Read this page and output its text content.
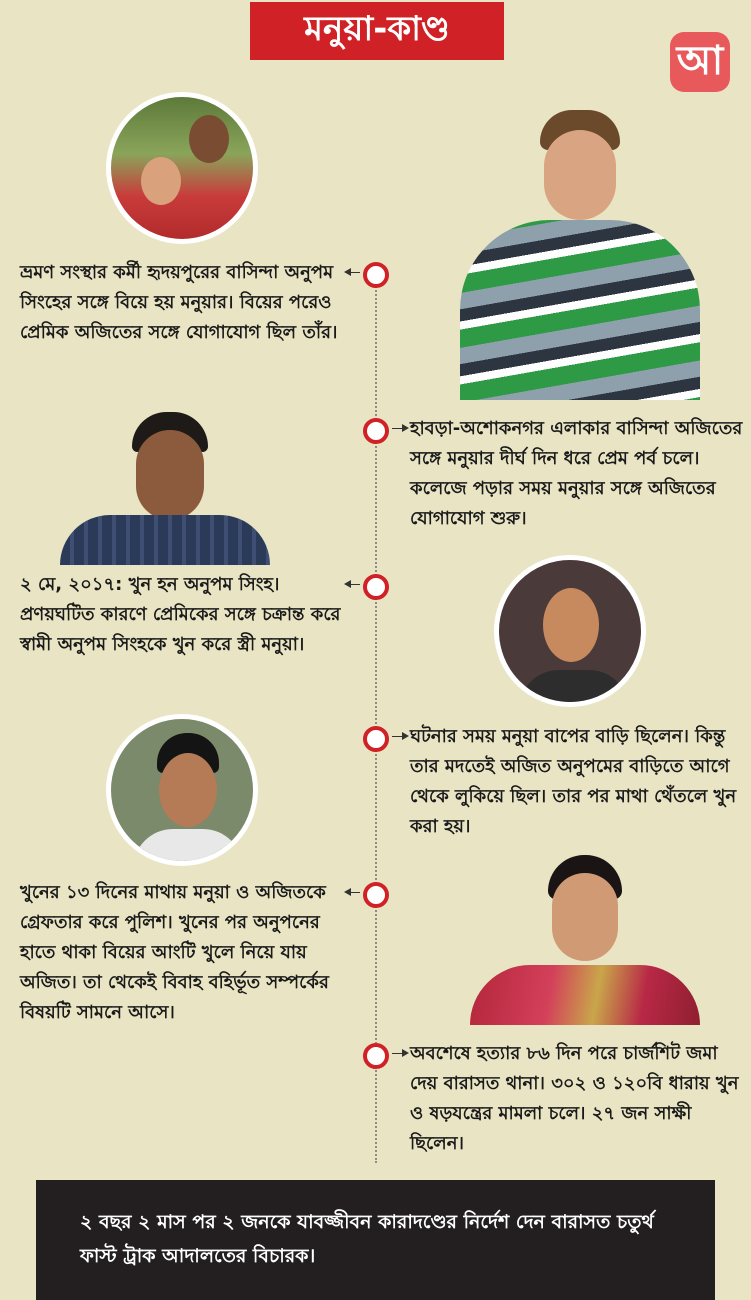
মনুয়া-কাণ্ড
আ
ভ্রমণ সংস্থার কর্মী হৃদয়পুরের বাসিন্দা অনুপম সিংহের সঙ্গে বিয়ে হয় মনুয়ার। বিয়ের পরেও প্রেমিক অজিতের সঙ্গে যোগাযোগ ছিল তাঁর।
হাবড়া-অশোকনগর এলাকার বাসিন্দা অজিতের সঙ্গে মনুয়ার দীর্ঘ দিন ধরে প্রেম পর্ব চলে। কলেজে পড়ার সময় মনুয়ার সঙ্গে অজিতের যোগাযোগ শুরু।
২ মে, ২০১৭: খুন হন অনুপম সিংহ। প্রণয়ঘটিত কারণে প্রেমিকের সঙ্গে চক্রান্ত করে স্বামী অনুপম সিংহকে খুন করে স্ত্রী মনুয়া।
ঘটনার সময় মনুয়া বাপের বাড়ি ছিলেন। কিন্তু তার মদতেই অজিত অনুপমের বাড়িতে আগে থেকে লুকিয়ে ছিল। তার পর মাথা থেঁতলে খুন করা হয়।
খুনের ১৩ দিনের মাথায় মনুয়া ও অজিতকে গ্রেফতার করে পুলিশ। খুনের পর অনুপনের হাতে থাকা বিয়ের আংটি খুলে নিয়ে যায় অজিত। তা থেকেই বিবাহ বহির্ভূত সম্পর্কের বিষয়টি সামনে আসে।
অবশেষে হত্যার ৮৬ দিন পরে চার্জশিট জমা দেয় বারাসত থানা। ৩০২ ও ১২০বি ধারায় খুন ও ষড়যন্ত্রের মামলা চলে। ২৭ জন সাক্ষী ছিলেন।
২ বছর ২ মাস পর ২ জনকে যাবজ্জীবন কারাদণ্ডের নির্দেশ দেন বারাসত চতুর্থ ফাস্ট ট্রাক আদালতের বিচারক।
